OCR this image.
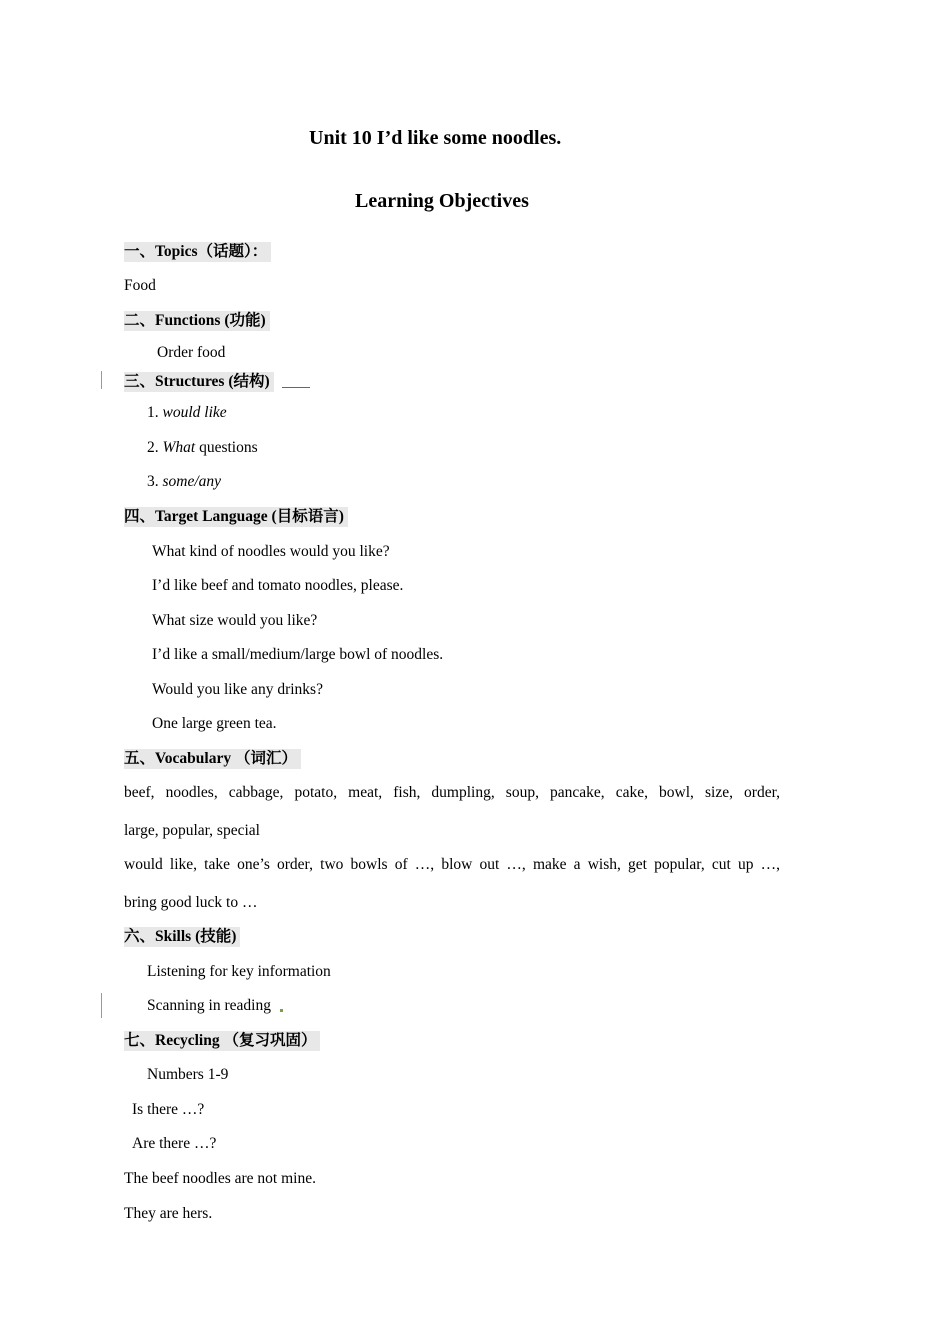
Unit 10 I’d like some noodles.
Learning Objectives
一、Topics（话题）：
Food
二、Functions (功能)
Order food
三、Structures (结构)

1. would like
2. What questions
3. some/any
四、Target Language (目标语言)
What kind of noodles would you like?
I’d like beef and tomato noodles, please.
What size would you like?
I’d like a small/medium/large bowl of noodles.
Would you like any drinks?
One large green tea.
五、Vocabulary （词汇）
beef, noodles, cabbage, potato, meat, fish, dumpling, soup, pancake, cake, bowl, size, order,
large, popular, special
would like, take one’s order, two bowls of …, blow out …, make a wish, get popular, cut up …,
bring good luck to …
六、Skills (技能)
Listening for key information
Scanning in reading
七、Recycling （复习巩固）
Numbers 1-9
Is there …?
Are there …?
The beef noodles are not mine.
They are hers.
